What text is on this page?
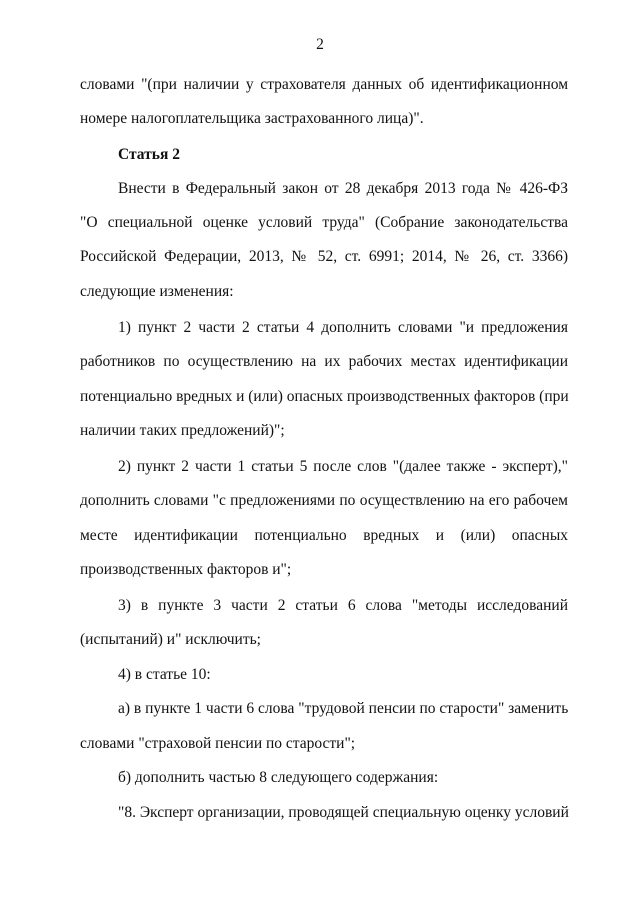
2
словами "(при наличии у страхователя данных об идентификационном
номере налогоплательщика застрахованного лица)".
Статья 2
Внести в Федеральный закон от 28 декабря 2013 года № 426-ФЗ
"О специальной оценке условий труда" (Собрание законодательства
Российской Федерации, 2013, № 52, ст. 6991; 2014, № 26, ст. 3366)
следующие изменения:
1) пункт 2 части 2 статьи 4 дополнить словами "и предложения
работников по осуществлению на их рабочих местах идентификации
потенциально вредных и (или) опасных производственных факторов (при
наличии таких предложений)";
2) пункт 2 части 1 статьи 5 после слов "(далее также - эксперт),"
дополнить словами "с предложениями по осуществлению на его рабочем
месте идентификации потенциально вредных и (или) опасных
производственных факторов и";
3) в пункте 3 части 2 статьи 6 слова "методы исследований
(испытаний) и" исключить;
4) в статье 10:
а) в пункте 1 части 6 слова "трудовой пенсии по старости" заменить
словами "страховой пенсии по старости";
б) дополнить частью 8 следующего содержания:
"8. Эксперт организации, проводящей специальную оценку условий
